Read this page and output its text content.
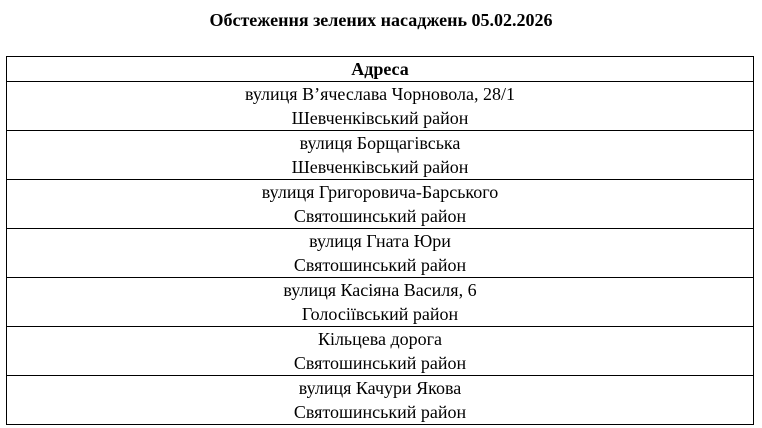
Обстеження зелених насаджень 05.02.2026
Адреса

вулиця В’ячеслава Чорновола, 28/1
Шевченківський район

вулиця Борщагівська
Шевченківський район

вулиця Григоровича-Барського
Святошинський район

вулиця Гната Юри
Святошинський район

вулиця Касіяна Василя, 6
Голосіївський район

Кільцева дорога
Святошинський район

вулиця Качури Якова
Святошинський район
